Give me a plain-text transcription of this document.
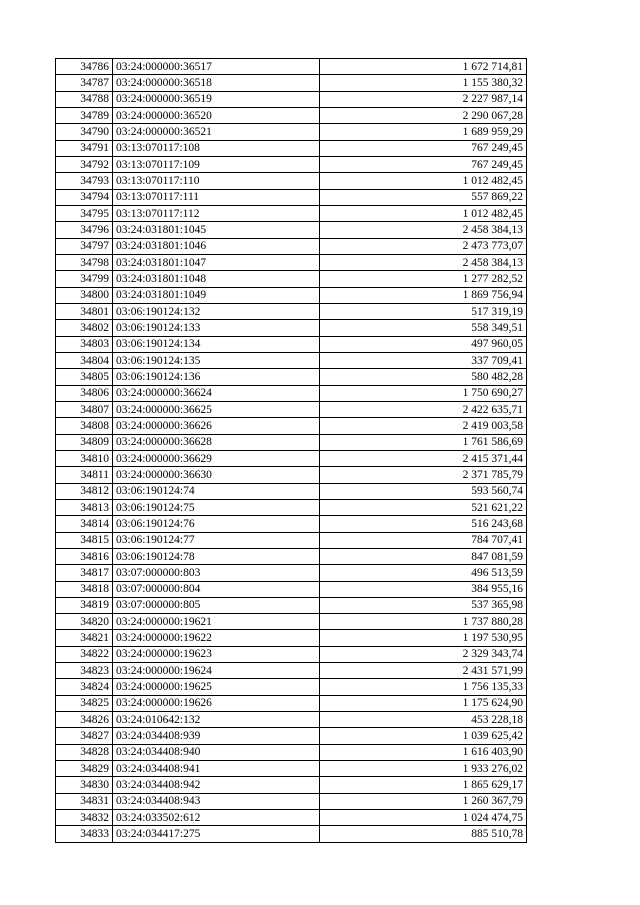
34786	03:24:000000:36517	1 672 714,81
34787	03:24:000000:36518	1 155 380,32
34788	03:24:000000:36519	2 227 987,14
34789	03:24:000000:36520	2 290 067,28
34790	03:24:000000:36521	1 689 959,29
34791	03:13:070117:108	767 249,45
34792	03:13:070117:109	767 249,45
34793	03:13:070117:110	1 012 482,45
34794	03:13:070117:111	557 869,22
34795	03:13:070117:112	1 012 482,45
34796	03:24:031801:1045	2 458 384,13
34797	03:24:031801:1046	2 473 773,07
34798	03:24:031801:1047	2 458 384,13
34799	03:24:031801:1048	1 277 282,52
34800	03:24:031801:1049	1 869 756,94
34801	03:06:190124:132	517 319,19
34802	03:06:190124:133	558 349,51
34803	03:06:190124:134	497 960,05
34804	03:06:190124:135	337 709,41
34805	03:06:190124:136	580 482,28
34806	03:24:000000:36624	1 750 690,27
34807	03:24:000000:36625	2 422 635,71
34808	03:24:000000:36626	2 419 003,58
34809	03:24:000000:36628	1 761 586,69
34810	03:24:000000:36629	2 415 371,44
34811	03:24:000000:36630	2 371 785,79
34812	03:06:190124:74	593 560,74
34813	03:06:190124:75	521 621,22
34814	03:06:190124:76	516 243,68
34815	03:06:190124:77	784 707,41
34816	03:06:190124:78	847 081,59
34817	03:07:000000:803	496 513,59
34818	03:07:000000:804	384 955,16
34819	03:07:000000:805	537 365,98
34820	03:24:000000:19621	1 737 880,28
34821	03:24:000000:19622	1 197 530,95
34822	03:24:000000:19623	2 329 343,74
34823	03:24:000000:19624	2 431 571,99
34824	03:24:000000:19625	1 756 135,33
34825	03:24:000000:19626	1 175 624,90
34826	03:24:010642:132	453 228,18
34827	03:24:034408:939	1 039 625,42
34828	03:24:034408:940	1 616 403,90
34829	03:24:034408:941	1 933 276,02
34830	03:24:034408:942	1 865 629,17
34831	03:24:034408:943	1 260 367,79
34832	03:24:033502:612	1 024 474,75
34833	03:24:034417:275	885 510,78
